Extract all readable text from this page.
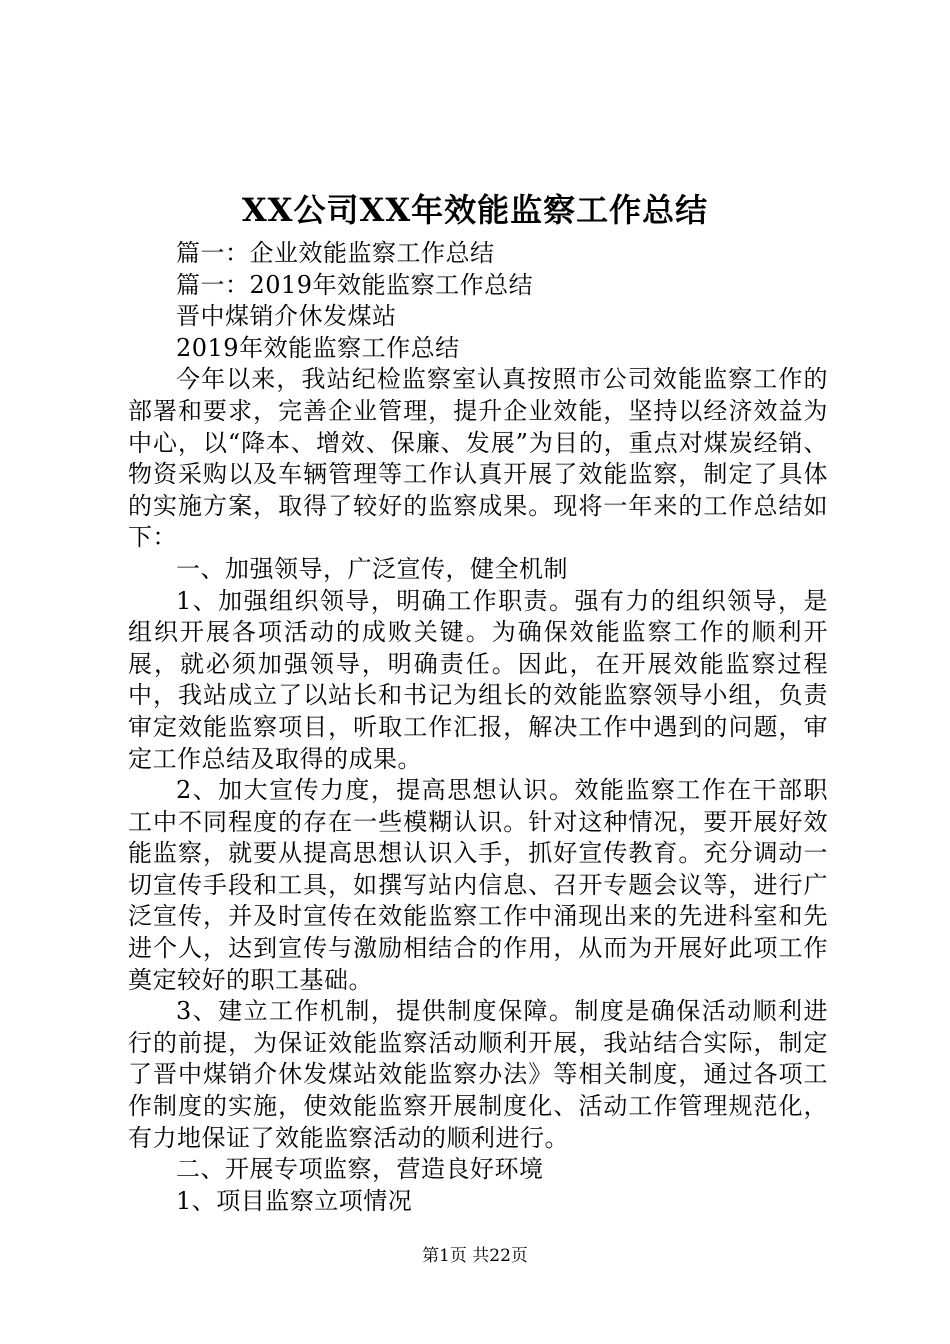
XX公司XX年效能监察工作总结

篇一：企业效能监察工作总结

篇一：2019年效能监察工作总结

晋中煤销介休发煤站

2019年效能监察工作总结

今年以来，我站纪检监察室认真按照市公司效能监察工作的部署和要求，完善企业管理，提升企业效能，坚持以经济效益为中心，以“降本、增效、保廉、发展”为目的，重点对煤炭经销、物资采购以及车辆管理等工作认真开展了效能监察，制定了具体的实施方案，取得了较好的监察成果。现将一年来的工作总结如下：

一、加强领导，广泛宣传，健全机制

1、加强组织领导，明确工作职责。强有力的组织领导，是组织开展各项活动的成败关键。为确保效能监察工作的顺利开展，就必须加强领导，明确责任。因此，在开展效能监察过程中，我站成立了以站长和书记为组长的效能监察领导小组，负责审定效能监察项目，听取工作汇报，解决工作中遇到的问题，审定工作总结及取得的成果。

2、加大宣传力度，提高思想认识。效能监察工作在干部职工中不同程度的存在一些模糊认识。针对这种情况，要开展好效能监察，就要从提高思想认识入手，抓好宣传教育。充分调动一切宣传手段和工具，如撰写站内信息、召开专题会议等，进行广泛宣传，并及时宣传在效能监察工作中涌现出来的先进科室和先进个人，达到宣传与激励相结合的作用，从而为开展好此项工作奠定较好的职工基础。

3、建立工作机制，提供制度保障。制度是确保活动顺利进行的前提，为保证效能监察活动顺利开展，我站结合实际，制定了晋中煤销介休发煤站效能监察办法》等相关制度，通过各项工作制度的实施，使效能监察开展制度化、活动工作管理规范化，有力地保证了效能监察活动的顺利进行。

二、开展专项监察，营造良好环境

1、项目监察立项情况

第1页 共22页
